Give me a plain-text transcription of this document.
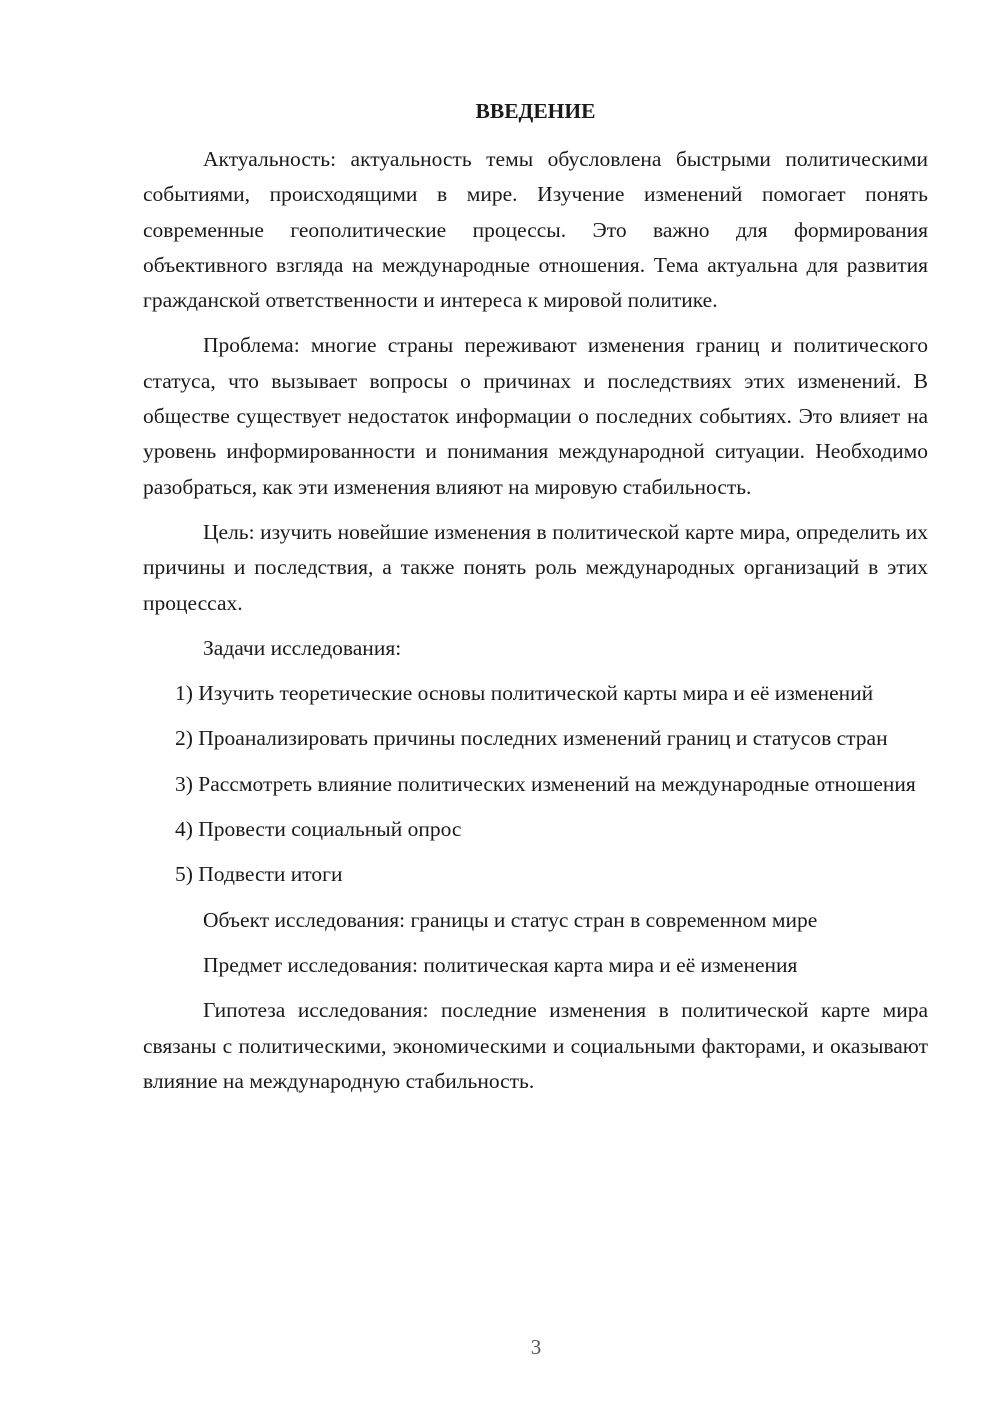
ВВЕДЕНИЕ

Актуальность: актуальность темы обусловлена быстрыми политическими событиями, происходящими в мире. Изучение изменений помогает понять современные геополитические процессы. Это важно для формирования объективного взгляда на международные отношения. Тема актуальна для развития гражданской ответственности и интереса к мировой политике.

Проблема: многие страны переживают изменения границ и политического статуса, что вызывает вопросы о причинах и последствиях этих изменений. В обществе существует недостаток информации о последних событиях. Это влияет на уровень информированности и понимания международной ситуации. Необходимо разобраться, как эти изменения влияют на мировую стабильность.

Цель: изучить новейшие изменения в политической карте мира, определить их причины и последствия, а также понять роль международных организаций в этих процессах.

Задачи исследования:

1) Изучить теоретические основы политической карты мира и её изменений

2) Проанализировать причины последних изменений границ и статусов стран

3) Рассмотреть влияние политических изменений на международные отношения

4) Провести социальный опрос

5) Подвести итоги

Объект исследования: границы и статус стран в современном мире

Предмет исследования: политическая карта мира и её изменения

Гипотеза исследования: последние изменения в политической карте мира связаны с политическими, экономическими и социальными факторами, и оказывают влияние на международную стабильность.

3
